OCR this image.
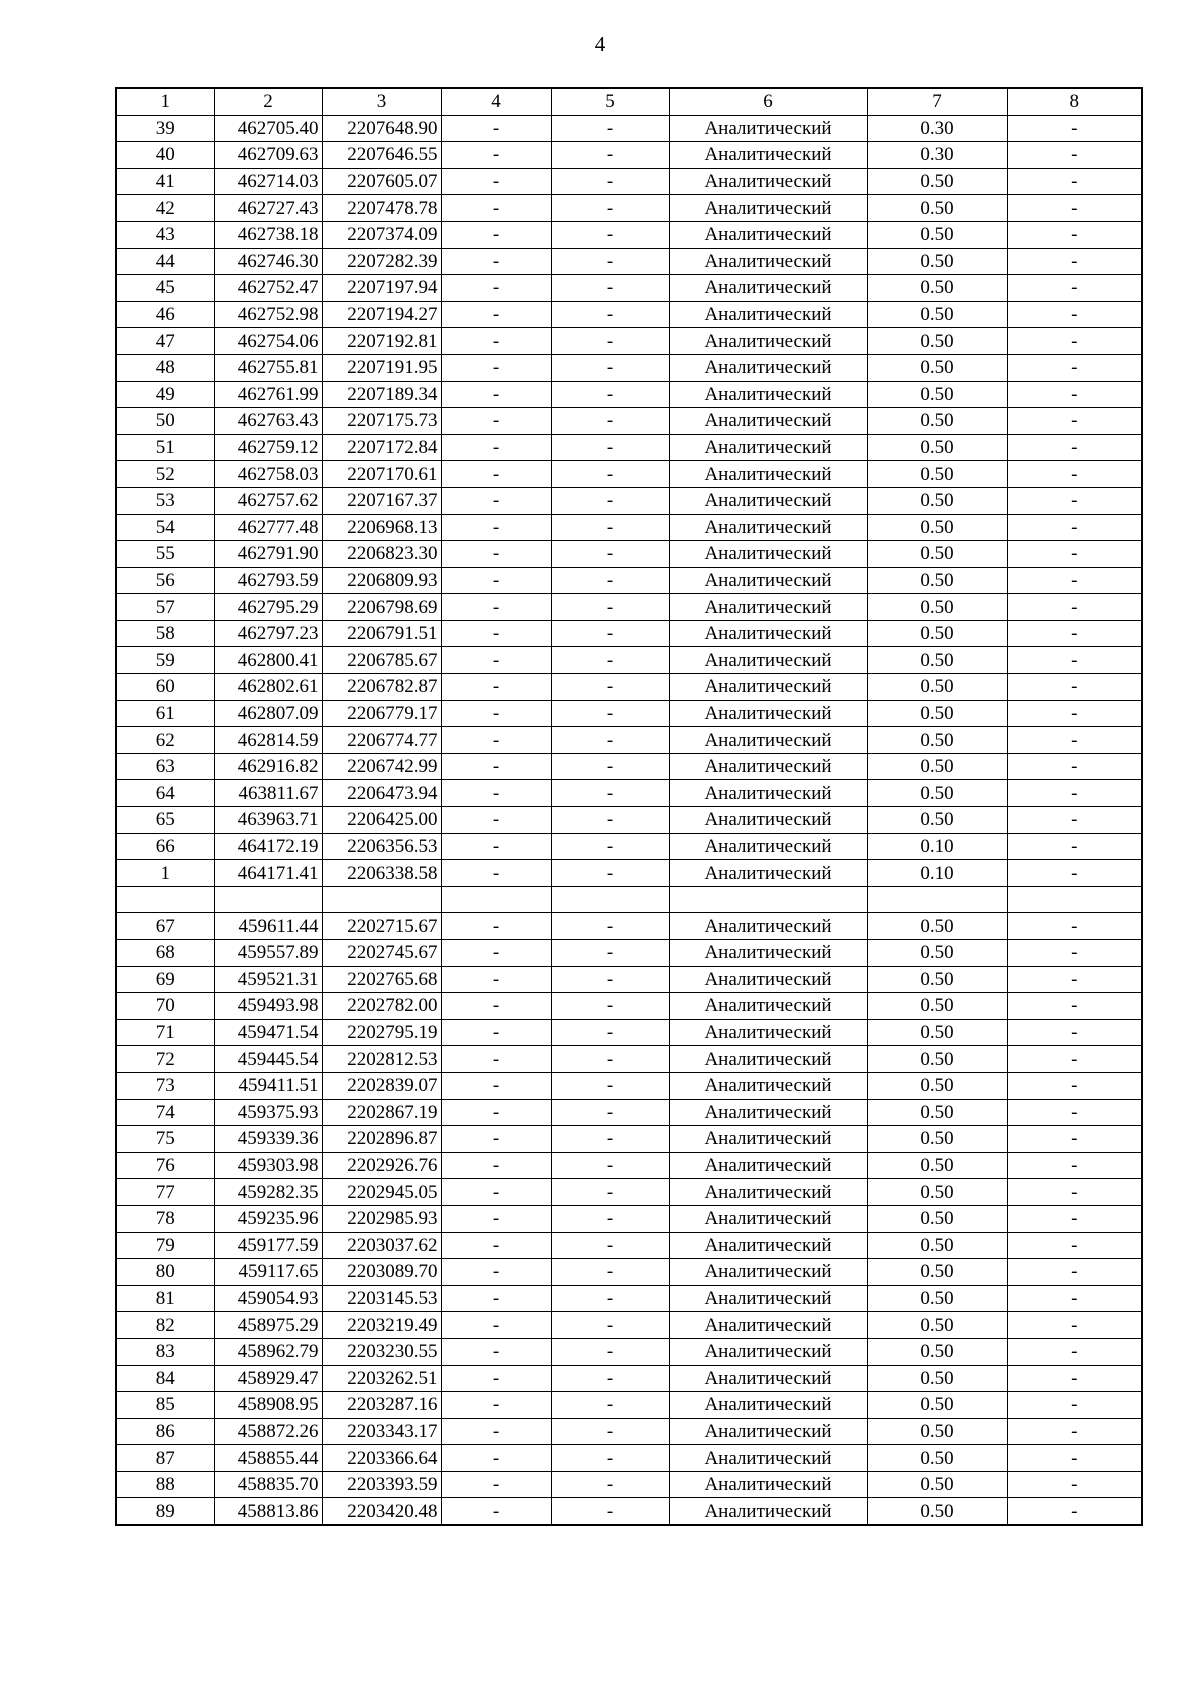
4
1	2	3	4	5	6	7	8
39	462705.40	2207648.90	-	-	Аналитический	0.30	-
40	462709.63	2207646.55	-	-	Аналитический	0.30	-
41	462714.03	2207605.07	-	-	Аналитический	0.50	-
42	462727.43	2207478.78	-	-	Аналитический	0.50	-
43	462738.18	2207374.09	-	-	Аналитический	0.50	-
44	462746.30	2207282.39	-	-	Аналитический	0.50	-
45	462752.47	2207197.94	-	-	Аналитический	0.50	-
46	462752.98	2207194.27	-	-	Аналитический	0.50	-
47	462754.06	2207192.81	-	-	Аналитический	0.50	-
48	462755.81	2207191.95	-	-	Аналитический	0.50	-
49	462761.99	2207189.34	-	-	Аналитический	0.50	-
50	462763.43	2207175.73	-	-	Аналитический	0.50	-
51	462759.12	2207172.84	-	-	Аналитический	0.50	-
52	462758.03	2207170.61	-	-	Аналитический	0.50	-
53	462757.62	2207167.37	-	-	Аналитический	0.50	-
54	462777.48	2206968.13	-	-	Аналитический	0.50	-
55	462791.90	2206823.30	-	-	Аналитический	0.50	-
56	462793.59	2206809.93	-	-	Аналитический	0.50	-
57	462795.29	2206798.69	-	-	Аналитический	0.50	-
58	462797.23	2206791.51	-	-	Аналитический	0.50	-
59	462800.41	2206785.67	-	-	Аналитический	0.50	-
60	462802.61	2206782.87	-	-	Аналитический	0.50	-
61	462807.09	2206779.17	-	-	Аналитический	0.50	-
62	462814.59	2206774.77	-	-	Аналитический	0.50	-
63	462916.82	2206742.99	-	-	Аналитический	0.50	-
64	463811.67	2206473.94	-	-	Аналитический	0.50	-
65	463963.71	2206425.00	-	-	Аналитический	0.50	-
66	464172.19	2206356.53	-	-	Аналитический	0.10	-
1	464171.41	2206338.58	-	-	Аналитический	0.10	-

67	459611.44	2202715.67	-	-	Аналитический	0.50	-
68	459557.89	2202745.67	-	-	Аналитический	0.50	-
69	459521.31	2202765.68	-	-	Аналитический	0.50	-
70	459493.98	2202782.00	-	-	Аналитический	0.50	-
71	459471.54	2202795.19	-	-	Аналитический	0.50	-
72	459445.54	2202812.53	-	-	Аналитический	0.50	-
73	459411.51	2202839.07	-	-	Аналитический	0.50	-
74	459375.93	2202867.19	-	-	Аналитический	0.50	-
75	459339.36	2202896.87	-	-	Аналитический	0.50	-
76	459303.98	2202926.76	-	-	Аналитический	0.50	-
77	459282.35	2202945.05	-	-	Аналитический	0.50	-
78	459235.96	2202985.93	-	-	Аналитический	0.50	-
79	459177.59	2203037.62	-	-	Аналитический	0.50	-
80	459117.65	2203089.70	-	-	Аналитический	0.50	-
81	459054.93	2203145.53	-	-	Аналитический	0.50	-
82	458975.29	2203219.49	-	-	Аналитический	0.50	-
83	458962.79	2203230.55	-	-	Аналитический	0.50	-
84	458929.47	2203262.51	-	-	Аналитический	0.50	-
85	458908.95	2203287.16	-	-	Аналитический	0.50	-
86	458872.26	2203343.17	-	-	Аналитический	0.50	-
87	458855.44	2203366.64	-	-	Аналитический	0.50	-
88	458835.70	2203393.59	-	-	Аналитический	0.50	-
89	458813.86	2203420.48	-	-	Аналитический	0.50	-
